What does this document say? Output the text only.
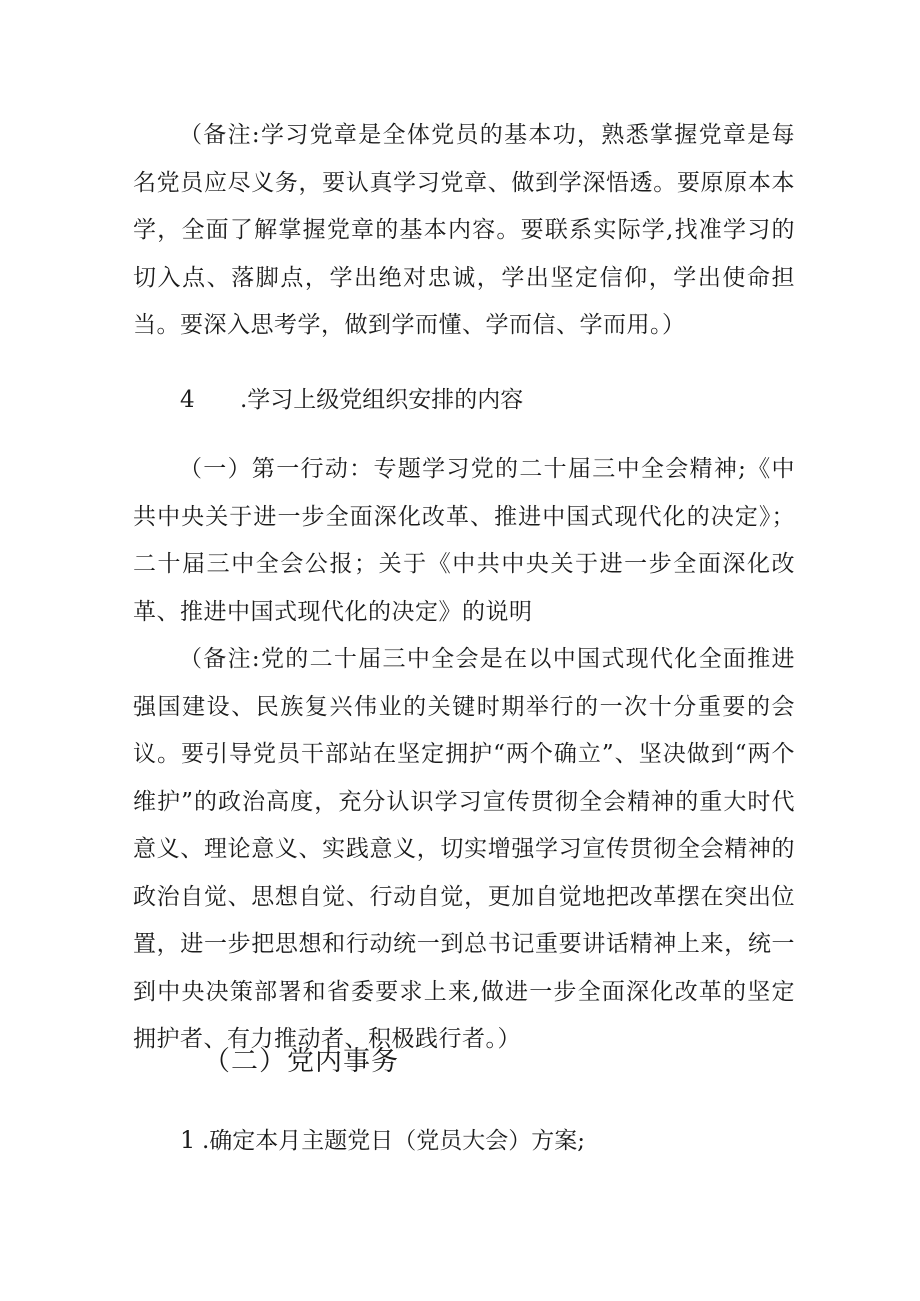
（备注:学习党章是全体党员的基本功，熟悉掌握党章是每名党员应尽义务，要认真学习党章、做到学深悟透。要原原本本学，全面了解掌握党章的基本内容。要联系实际学,找准学习的切入点、落脚点，学出绝对忠诚，学出坚定信仰，学出使命担当。要深入思考学，做到学而懂、学而信、学而用。）

4 .学习上级党组织安排的内容

（一）第一行动：专题学习党的二十届三中全会精神;《中共中央关于进一步全面深化改革、推进中国式现代化的决定》；二十届三中全会公报；关于《中共中央关于进一步全面深化改革、推进中国式现代化的决定》的说明

（备注:党的二十届三中全会是在以中国式现代化全面推进强国建设、民族复兴伟业的关键时期举行的一次十分重要的会议。要引导党员干部站在坚定拥护“两个确立”、坚决做到“两个维护”的政治高度，充分认识学习宣传贯彻全会精神的重大时代意义、理论意义、实践意义，切实增强学习宣传贯彻全会精神的政治自觉、思想自觉、行动自觉，更加自觉地把改革摆在突出位置，进一步把思想和行动统一到总书记重要讲话精神上来，统一到中央决策部署和省委要求上来,做进一步全面深化改革的坚定拥护者、有力推动者、积极践行者。）

（二）党内事务
1 .确定本月主题党日（党员大会）方案;
